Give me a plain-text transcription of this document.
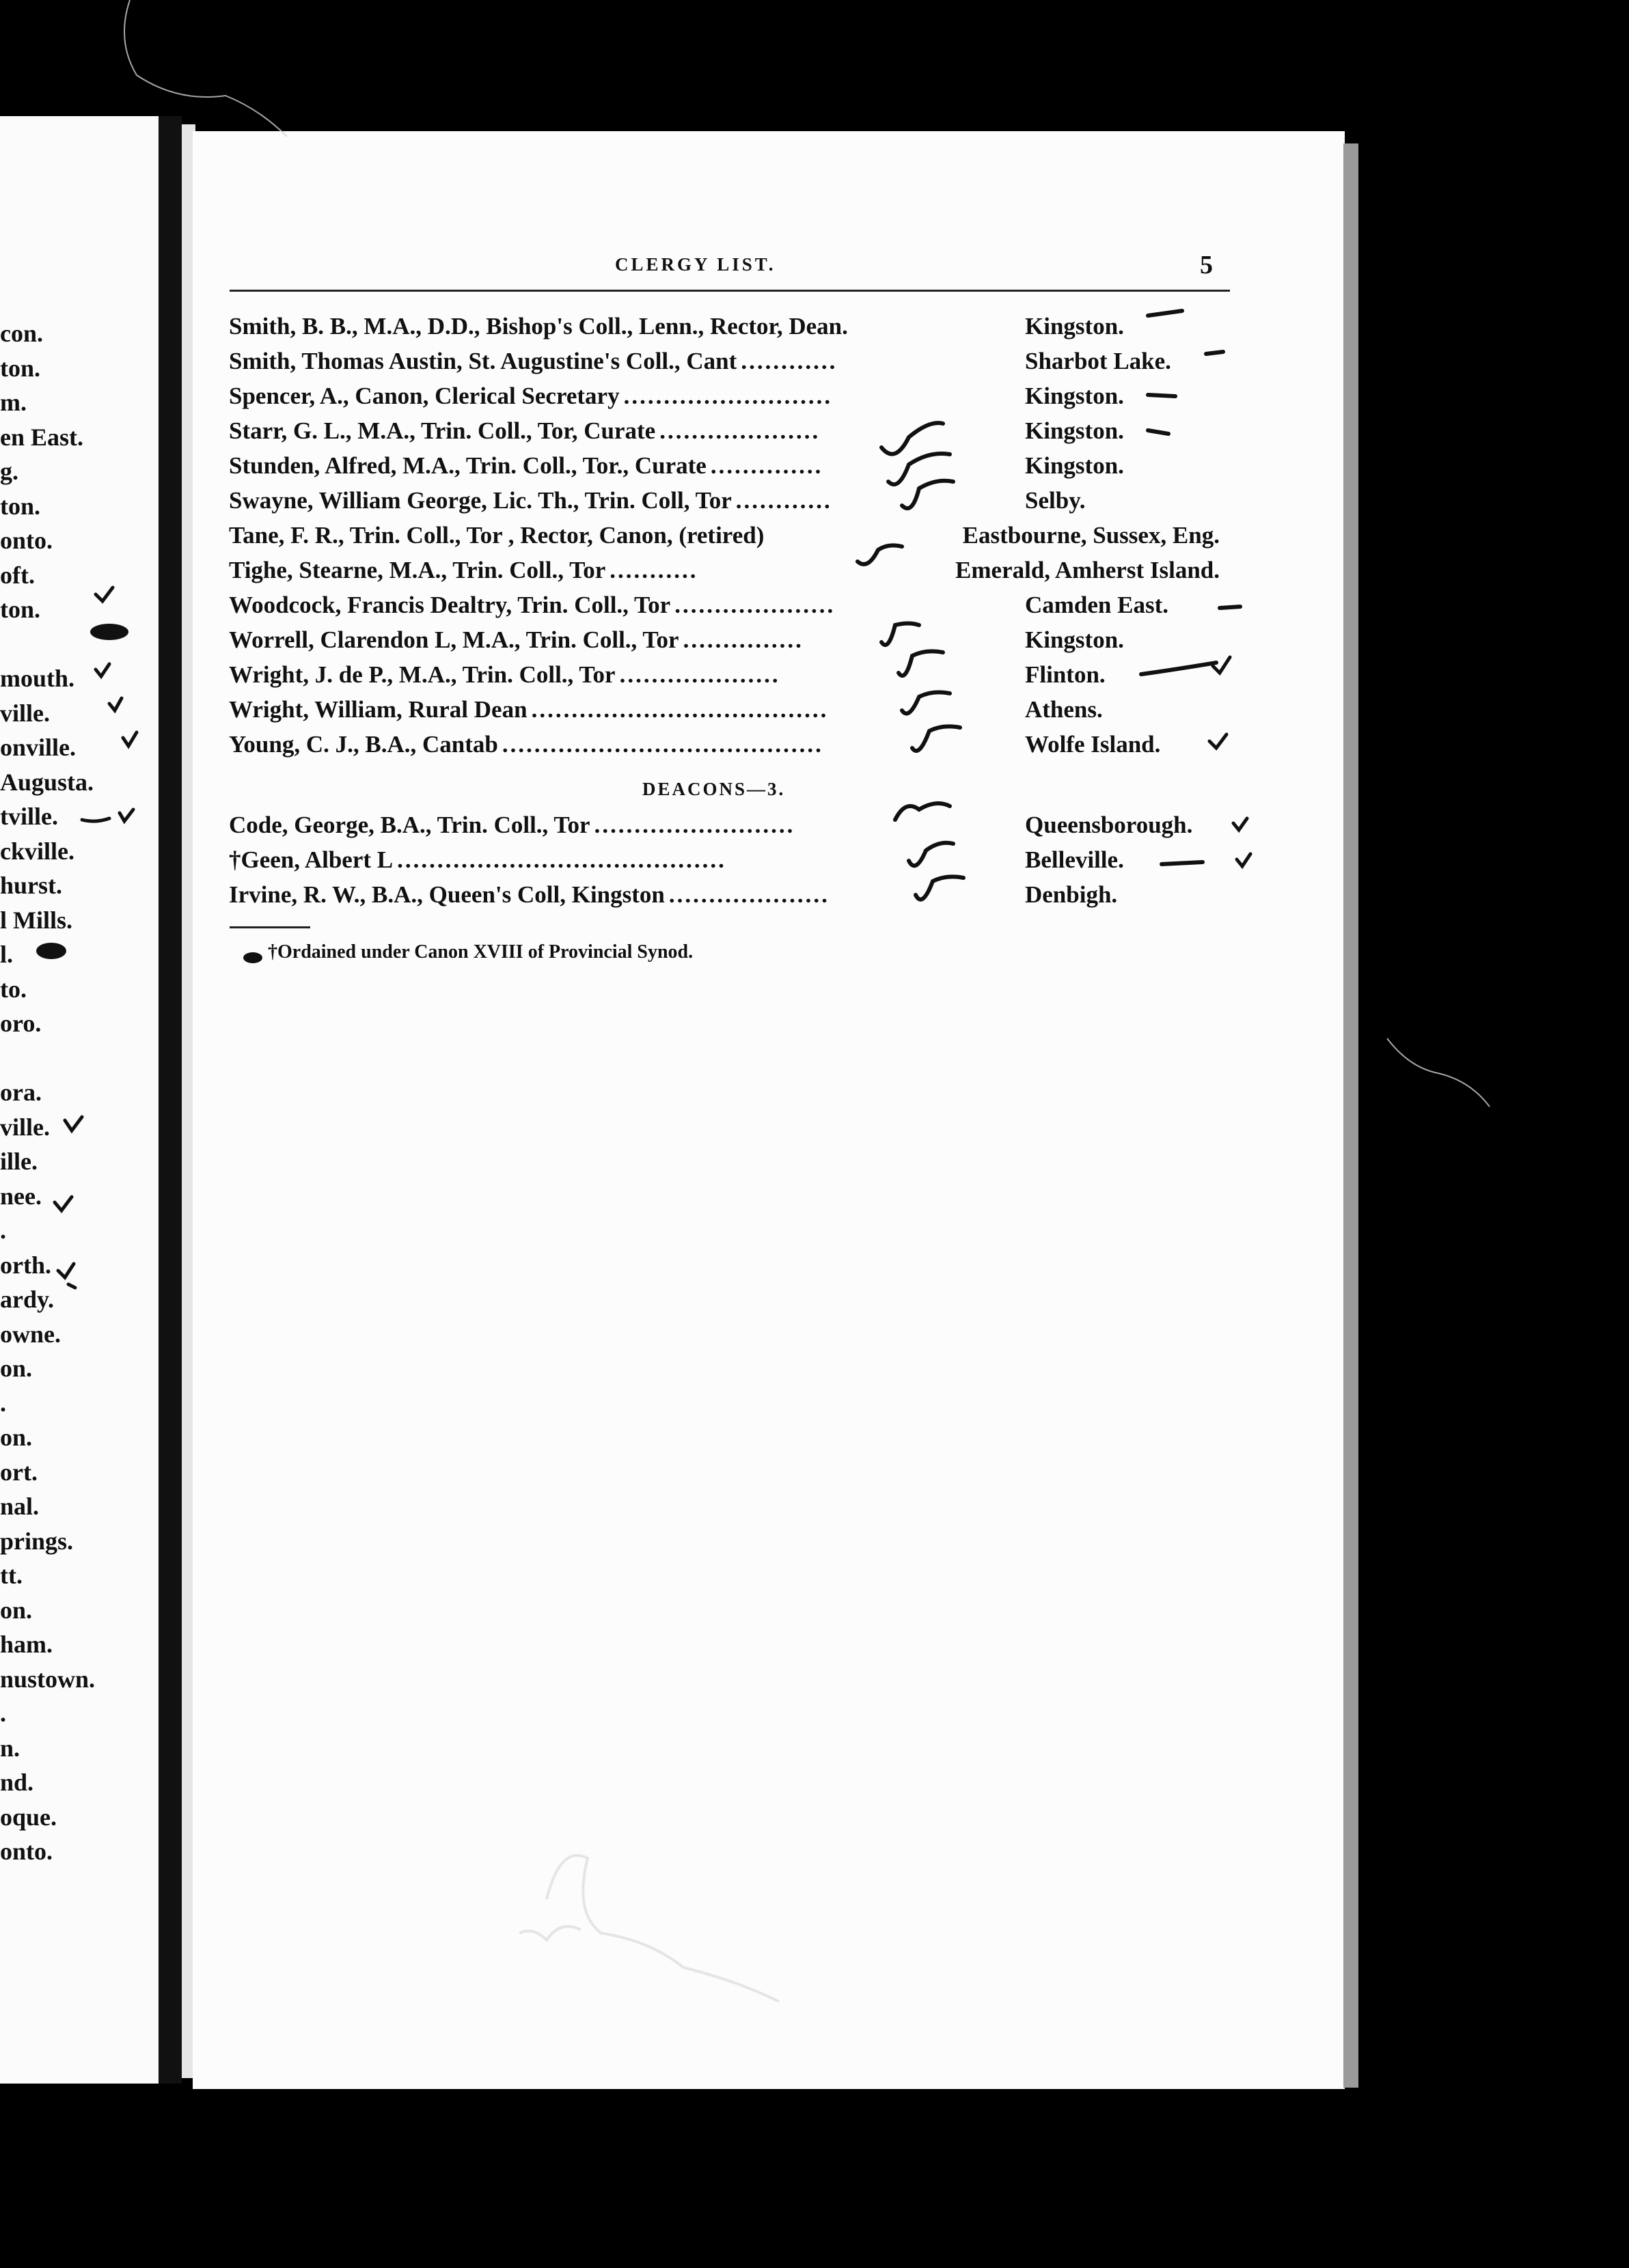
con.
ton.
m.
en East.
g.
ton.
onto.
oft.
ton.
mouth.
ville.
onville.
Augusta.
tville.
ckville.
hurst.
l Mills.
l.
to.
oro.
ora.
ville.
ille.
nee.
.
orth.
ardy.
owne.
on.
.
on.
ort.
nal.
prings.
tt.
on.
ham.
nustown.
.
n.
nd.
oque.
onto.
CLERGY LIST.	5
Smith, B. B., M.A., D.D., Bishop's Coll., Lenn., Rector, Dean.	Kingston.
Smith, Thomas Austin, St. Augustine's Coll., Cant ............	Sharbot Lake.
Spencer, A., Canon, Clerical Secretary ..........................	Kingston.
Starr, G. L., M.A., Trin. Coll., Tor, Curate ....................	Kingston.
Stunden, Alfred, M.A., Trin. Coll., Tor., Curate ..............	Kingston.
Swayne, William George, Lic. Th., Trin. Coll, Tor ............	Selby.
Tane, F. R., Trin. Coll., Tor , Rector, Canon, (retired)	Eastbourne, Sussex, Eng.
Tighe, Stearne, M.A., Trin. Coll., Tor ...........	Emerald, Amherst Island.
Woodcock, Francis Dealtry, Trin. Coll., Tor ....................	Camden East.
Worrell, Clarendon L, M.A., Trin. Coll., Tor ...............	Kingston.
Wright, J. de P., M.A., Trin. Coll., Tor ....................	Flinton.
Wright, William, Rural Dean .....................................	Athens.
Young, C. J., B.A., Cantab ........................................	Wolfe Island.
DEACONS—3.
Code, George, B.A., Trin. Coll., Tor .........................	Queensborough.
†Geen, Albert L .........................................	Belleville.
Irvine, R. W., B.A., Queen's Coll, Kingston ....................	Denbigh.
†Ordained under Canon XVIII of Provincial Synod.
